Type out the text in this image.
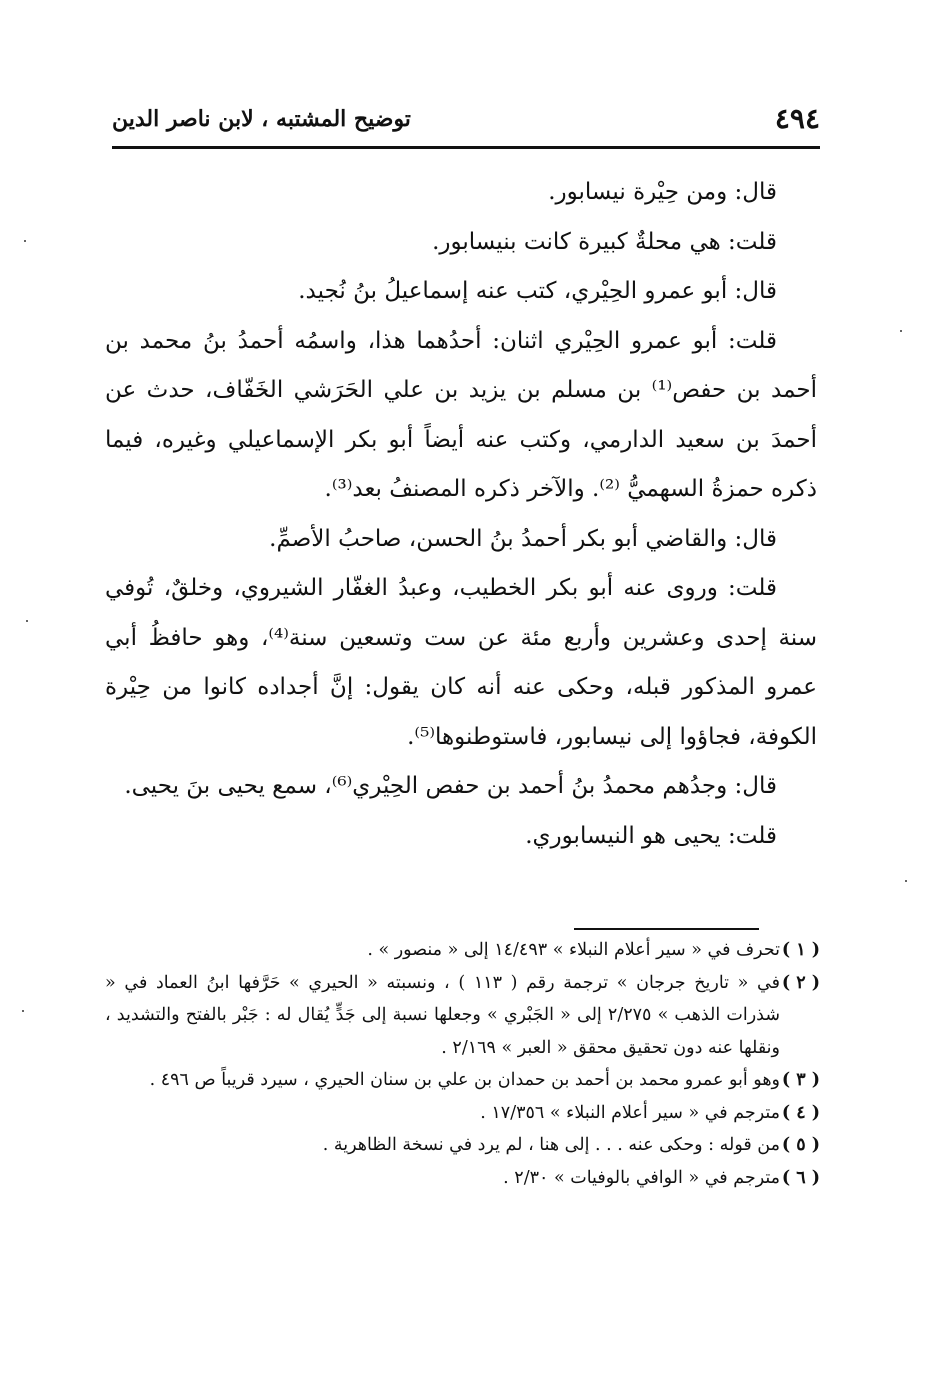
٤٩٤
توضيح المشتبه ، لابن ناصر الدين

قال: ومن حِيْرة نيسابور.

قلت: هي محلةٌ كبيرة كانت بنيسابور.

قال: أبو عمرو الحِيْري، كتب عنه إسماعيلُ بنُ نُجيد.

قلت: أبو عمرو الحِيْري اثنان: أحدُهما هذا، واسمُه أحمدُ بنُ محمد بن أحمد بن حفص⁽¹⁾ بن مسلم بن يزيد بن علي الحَرَشي الخَفّاف، حدث عن أحمدَ بن سعيد الدارمي، وكتب عنه أيضاً أبو بكر الإسماعيلي وغيره، فيما ذكره حمزةُ السهميُّ ⁽²⁾. والآخر ذكره المصنفُ بعد⁽³⁾.

قال: والقاضي أبو بكر أحمدُ بنُ الحسن، صاحبُ الأصمِّ.

قلت: وروى عنه أبو بكر الخطيب، وعبدُ الغفّار الشيروي، وخلقٌ، تُوفي سنة إحدى وعشرين وأربع مئة عن ست وتسعين سنة⁽⁴⁾، وهو حافظُ أبي عمرو المذكور قبله، وحكى عنه أنه كان يقول: إنَّ أجداده كانوا من حِيْرة الكوفة، فجاؤوا إلى نيسابور، فاستوطنوها⁽⁵⁾.

قال: وجدُهم محمدُ بنُ أحمد بن حفص الحِيْري⁽⁶⁾، سمع يحيى بنَ يحيى.

قلت: يحيى هو النيسابوري.

( ١ )تحرف في « سير أعلام النبلاء » ١٤/٤٩٣ إلى « منصور » .

( ٢ )في « تاريخ جرجان » ترجمة رقم ( ١١٣ ) ، ونسبته « الحيري » حَرَّفها ابنُ العماد في « شذرات الذهب » ٢/٢٧٥ إلى « الجَبْري » وجعلها نسبة إلى جَدٍّ يُقال له : جَبْر بالفتح والتشديد ، ونقلها عنه دون تحقيق محقق « العبر » ٢/١٦٩ .

( ٣ )وهو أبو عمرو محمد بن أحمد بن حمدان بن علي بن سنان الحيري ، سيرد قريباً ص ٤٩٦ .

( ٤ )مترجم في « سير أعلام النبلاء » ١٧/٣٥٦ .

( ٥ )من قوله : وحكى عنه . . . إلى هنا ، لم يرد في نسخة الظاهرية .

( ٦ )مترجم في « الوافي بالوفيات » ٢/٣٠ .
